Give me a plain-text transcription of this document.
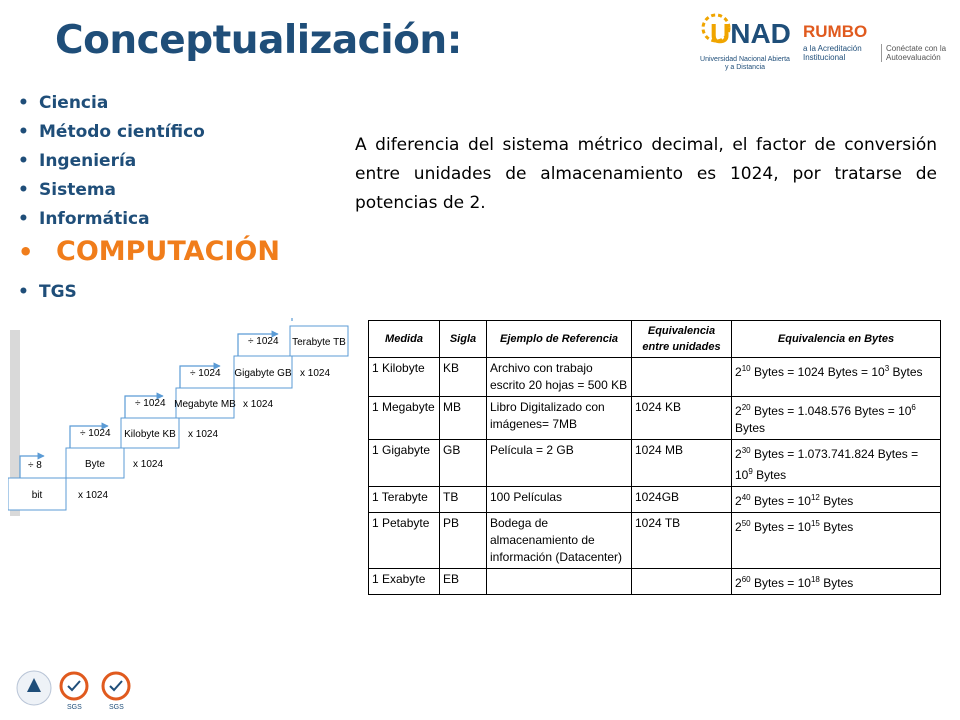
Conceptualización:	UNAD
Universidad Nacional Abierta y a Distancia
RUMBO
a la Acreditación Institucional
Conéctate con la Autoevaluación
• Ciencia
• Método científico
• Ingeniería
• Sistema
• Informática
• COMPUTACIÓN
• TGS
A diferencia del sistema métrico decimal, el factor de conversión entre unidades de almacenamiento es 1024, por tratarse de potencias de 2.
bit
Byte
Kilobyte KB
Megabyte MB
Gigabyte GB
Terabyte TB
x 1024
x 1024
x 1024
x 1024
x 1024
÷ 8
÷ 1024
÷ 1024
÷ 1024
÷ 1024	Medida	Sigla	Ejemplo de Referencia	Equivalencia entre unidades	Equivalencia en Bytes
1 Kilobyte	KB	Archivo con trabajo escrito 20 hojas = 500 KB		$2^{10}$ Bytes = 1024 Bytes = $10^3$ Bytes
1 Megabyte	MB	Libro Digitalizado con imágenes= 7MB	1024 KB	$2^{20}$ Bytes = 1.048.576 Bytes = $10^6$ Bytes
1 Gigabyte	GB	Película = 2 GB	1024 MB	$2^{30}$ Bytes = 1.073.741.824 Bytes = $10^9$ Bytes
1 Terabyte	TB	100 Películas	1024GB	$2^{40}$ Bytes = $10^{12}$ Bytes
1 Petabyte	PB	Bodega de almacenamiento de información (Datacenter)	1024 TB	$2^{50}$ Bytes = $10^{15}$ Bytes
1 Exabyte	EB			$2^{60}$ Bytes = $10^{18}$ Bytes
SGS	SGS
